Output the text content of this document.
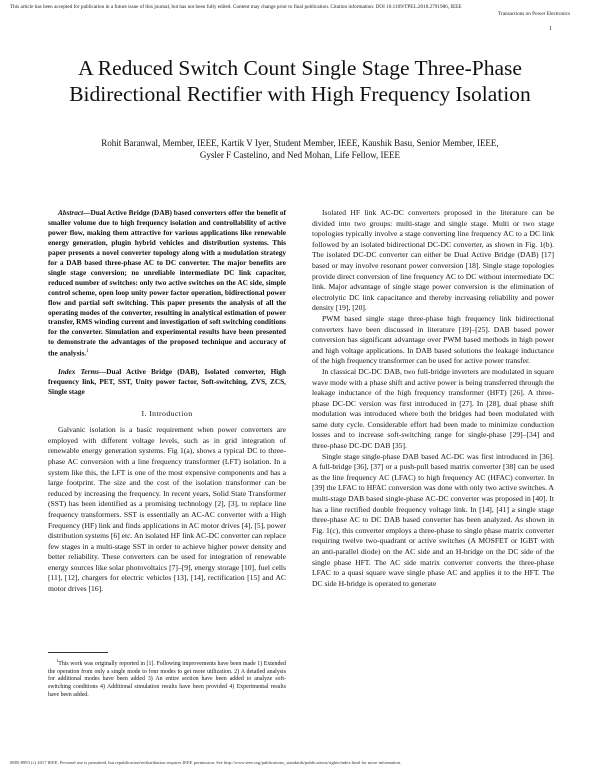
This article has been accepted for publication in a future issue of this journal, but has not been fully edited. Content may change prior to final publication. Citation information: DOI 10.1109/TPEL.2018.2791986, IEEE
Transactions on Power Electronics
1
A Reduced Switch Count Single Stage Three-Phase Bidirectional Rectifier with High Frequency Isolation
Rohit Baranwal, Member, IEEE, Kartik V Iyer, Student Member, IEEE, Kaushik Basu, Senior Member, IEEE,
Gysler F Castelino, and Ned Mohan, Life Fellow, IEEE

Abstract—Dual Active Bridge (DAB) based converters offer the benefit of smaller volume due to high frequency isolation and controllability of active power flow, making them attractive for various applications like renewable energy generation, plugin hybrid vehicles and distribution systems. This paper presents a novel converter topology along with a modulation strategy for a DAB based three-phase AC to DC converter. The major benefits are single stage conversion; no unreliable intermediate DC link capacitor, reduced number of switches: only two active switches on the AC side, simple control scheme, open loop unity power factor operation, bidirectional power flow and partial soft switching. This paper presents the analysis of all the operating modes of the converter, resulting in analytical estimation of power transfer, RMS winding current and investigation of soft switching conditions for the converter. Simulation and experimental results have been presented to demonstrate the advantages of the proposed technique and accuracy of the analysis.$^1$

Index Terms—Dual Active Bridge (DAB), Isolated converter, High frequency link, PET, SST, Unity power factor, Soft-switching, ZVS, ZCS, Single stage

I. Introduction

Galvanic isolation is a basic requirement when power converters are employed with different voltage levels, such as in grid integration of renewable energy generation systems. Fig 1(a), shows a typical DC to three-phase AC conversion with a line frequency transformer (LFT) isolation. In a system like this, the LFT is one of the most expensive components and has a large footprint. The size and the cost of the isolation transformer can be reduced by increasing the frequency. In recent years, Solid State Transformer (SST) has been identified as a promising technology [2], [3], to replace line frequency transformers. SST is essentially an AC-AC converter with a High Frequency (HF) link and finds applications in AC motor drives [4], [5], power distribution systems [6] etc. An isolated HF link AC-DC converter can replace few stages in a multi-stage SST in order to achieve higher power density and better reliability. These converters can be used for integration of renewable energy sources like solar photovoltaics [7]–[9], energy storage [10], fuel cells [11], [12], chargers for electric vehicles [13], [14], rectification [15] and AC motor drives [16].

$^1$This work was originally reported in [1]. Following improvements have been made 1) Extended the operation from only a single mode to four modes to get more utilization. 2) A detailed analysis for additional modes have been added 3) An entire section have been added to analyze soft-switching conditions 4) Additional simulation results have been provided 4) Experimental results have been added.

Isolated HF link AC-DC converters proposed in the literature can be divided into two groups: multi-stage and single stage. Multi or two stage topologies typically involve a stage converting line frequency AC to a DC link followed by an isolated bidirectional DC-DC converter, as shown in Fig. 1(b). The isolated DC-DC converter can either be Dual Active Bridge (DAB) [17] based or may involve resonant power conversion [18]. Single stage topologies provide direct conversion of line frequency AC to DC without intermediate DC link. Major advantage of single stage power conversion is the elimination of electrolytic DC link capacitance and thereby increasing reliability and power density [19], [20].

PWM based single stage three-phase high frequency link bidirectional converters have been discussed in literature [19]–[25]. DAB based power conversion has significant advantage over PWM based methods in high power and high voltage applications. In DAB based solutions the leakage inductance of the high frequency transformer can be used for active power transfer.

In classical DC-DC DAB, two full-bridge inverters are modulated in square wave mode with a phase shift and active power is being transferred through the leakage inductance of the high frequency transformer (HFT) [26]. A three-phase DC-DC version was first introduced in [27]. In [28], dual phase shift modulation was introduced where both the bridges had been modulated with same duty cycle. Considerable effort had been made to minimize conduction losses and to increase soft-switching range for single-phase [29]–[34] and three-phase DC-DC DAB [35].

Single stage single-phase DAB based AC-DC was first introduced in [36]. A full-bridge [36], [37] or a push-pull based matrix converter [38] can be used as the line frequency AC (LFAC) to high frequency AC (HFAC) converter. In [39] the LFAC to HFAC conversion was done with only two active switches. A multi-stage DAB based single-phase AC-DC converter was proposed in [40]. It has a line rectified double frequency voltage link. In [14], [41] a single stage three-phase AC to DC DAB based converter has been analyzed. As shown in Fig. 1(c), this converter employs a three-phase to single phase matrix converter requiring twelve two-quadrant or active switches (A MOSFET or IGBT with an anti-parallel diode) on the AC side and an H-bridge on the DC side of the single phase HFT. The AC side matrix converter converts the three-phase LFAC to a quasi square wave single phase AC and applies it to the HFT. The DC side H-bridge is operated to generate

0885-8993 (c) 2017 IEEE. Personal use is permitted, but republication/redistribution requires IEEE permission. See http://www.ieee.org/publications_standards/publications/rights/index.html for more information.
